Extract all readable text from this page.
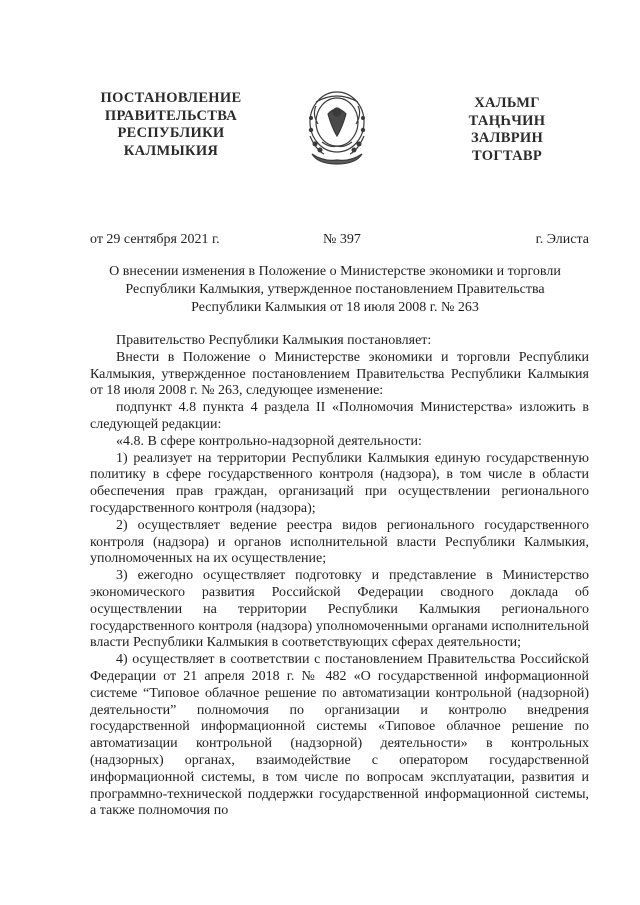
ПОСТАНОВЛЕНИЕ
ПРАВИТЕЛЬСТВА
РЕСПУБЛИКИ
КАЛМЫКИЯ
ХАЛЬМГ
ТАҢҺЧИН
ЗАЛВРИН
ТОГТАВР
от 29 сентября 2021 г.	№ 397	г. Элиста
О внесении изменения в Положение о Министерстве экономики и торговли
Республики Калмыкия, утвержденное постановлением Правительства
Республики Калмыкия от 18 июля 2008 г. № 263

Правительство Республики Калмыкия постановляет:

Внести в Положение о Министерстве экономики и торговли Республики Калмыкия, утвержденное постановлением Правительства Республики Калмыкия от 18 июля 2008 г. № 263, следующее изменение:

подпункт 4.8 пункта 4 раздела II «Полномочия Министерства» изложить в следующей редакции:

«4.8. В сфере контрольно-надзорной деятельности:

1) реализует на территории Республики Калмыкия единую государственную политику в сфере государственного контроля (надзора), в том числе в области обеспечения прав граждан, организаций при осуществлении регионального государственного контроля (надзора);

2) осуществляет ведение реестра видов регионального государственного контроля (надзора) и органов исполнительной власти Республики Калмыкия, уполномоченных на их осуществление;

3) ежегодно осуществляет подготовку и представление в Министерство экономического развития Российской Федерации сводного доклада об осуществлении на территории Республики Калмыкия регионального государственного контроля (надзора) уполномоченными органами исполнительной власти Республики Калмыкия в соответствующих сферах деятельности;

4) осуществляет в соответствии с постановлением Правительства Российской Федерации от 21 апреля 2018 г. № 482 «О государственной информационной системе “Типовое облачное решение по автоматизации контрольной (надзорной) деятельности” полномочия по организации и контролю внедрения государственной информационной системы «Типовое облачное решение по автоматизации контрольной (надзорной) деятельности» в контрольных (надзорных) органах, взаимодействие с оператором государственной информационной системы, в том числе по вопросам эксплуатации, развития и программно-технической поддержки государственной информационной системы, а также полномочия по
